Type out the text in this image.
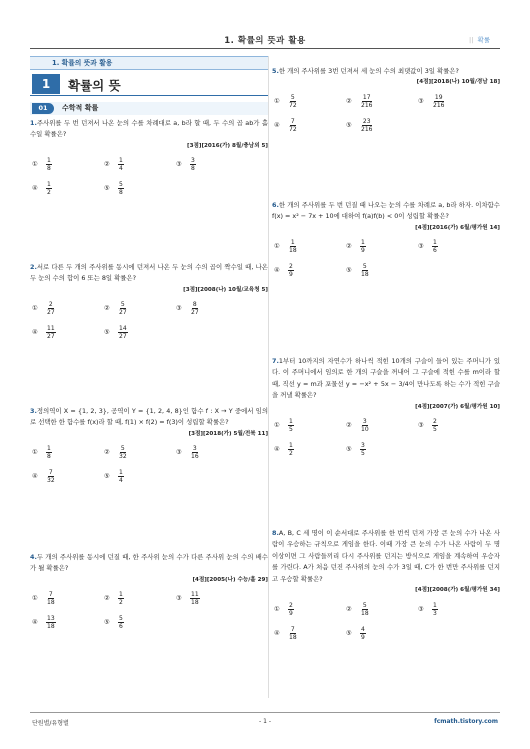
1. 확률의 뜻과 활용	|| 확률
1. 확률의 뜻과 활용
1	확률의 뜻
01	수학적 확률
1.주사위를 두 번 던져서 나온 눈의 수를 차례대로 a, b라 할 때, 두 수의 곱 ab가 홀수일 확률은?
[3점][2016(가) 8월/충남외 5]
①	$\frac{1}{8}$	②	$\frac{1}{4}$	③	$\frac{3}{8}$
④	$\frac{1}{2}$	⑤	$\frac{5}{8}$
2.서로 다른 두 개의 주사위를 동시에 던져서 나온 두 눈의 수의 곱이 짝수일 때, 나온 두 눈의 수의 합이 6 또는 8일 확률은?
[3점][2008(나) 10월/교육청 5]
①	$\frac{2}{27}$	②	$\frac{5}{27}$	③	$\frac{8}{27}$
④	$\frac{11}{27}$	⑤	$\frac{14}{27}$
3.정의역이 X = {1, 2, 3}, 공역이 Y = {1, 2, 4, 8}인 함수 f : X → Y 중에서 임의로 선택한 한 함수를 f(x)라 할 때, f(1) × f(2) = f(3)이 성립할 확률은?
[3점][2018(가) 5월/전북 11]
①	$\frac{1}{8}$	②	$\frac{5}{32}$	③	$\frac{3}{16}$
④	$\frac{7}{32}$	⑤	$\frac{1}{4}$
4.두 개의 주사위를 동시에 던질 때, 한 주사위 눈의 수가 다른 주사위 눈의 수의 배수가 될 확률은?
[4점][2005(나) 수능/홀 29]
①	$\frac{7}{18}$	②	$\frac{1}{2}$	③	$\frac{11}{18}$
④	$\frac{13}{18}$	⑤	$\frac{5}{6}$
5.한 개의 주사위를 3번 던져서 세 눈의 수의 최댓값이 3일 확률은?
[4점][2018(나) 10월/경남 18]
①	$\frac{5}{72}$	②	$\frac{17}{216}$	③	$\frac{19}{216}$
④	$\frac{7}{72}$	⑤	$\frac{23}{216}$
6.한 개의 주사위를 두 번 던질 때 나오는 눈의 수를 차례로 a, b라 하자. 이차함수 f(x) = x² − 7x + 10에 대하여 f(a)f(b) < 0이 성립할 확률은?
[4점][2016(가) 6월/평가원 14]
①	$\frac{1}{18}$	②	$\frac{1}{9}$	③	$\frac{1}{6}$
④	$\frac{2}{9}$	⑤	$\frac{5}{18}$
7.1부터 10까지의 자연수가 하나씩 적힌 10개의 구슬이 들어 있는 주머니가 있다. 이 주머니에서 임의로 한 개의 구슬을 꺼내어 그 구슬에 적힌 수를 m이라 할 때, 직선 y = m과 포물선 y = −x² + 5x − 3/4이 만나도록 하는 수가 적힌 구슬을 꺼낼 확률은?
[4점][2007(가) 6월/평가원 10]
①	$\frac{1}{5}$	②	$\frac{3}{10}$	③	$\frac{2}{5}$
④	$\frac{1}{2}$	⑤	$\frac{3}{5}$
8.A, B, C 세 명이 이 순서대로 주사위를 한 번씩 던져 가장 큰 눈의 수가 나온 사람이 우승하는 규칙으로 게임을 한다. 이때 가장 큰 눈의 수가 나온 사람이 두 명 이상이면 그 사람들끼리 다시 주사위를 던지는 방식으로 게임을 계속하여 우승자를 가린다. A가 처음 던진 주사위의 눈의 수가 3일 때, C가 한 번만 주사위를 던지고 우승할 확률은?
[4점][2008(가) 6월/평가원 34]
①	$\frac{2}{9}$	②	$\frac{5}{18}$	③	$\frac{1}{3}$
④	$\frac{7}{18}$	⑤	$\frac{4}{9}$
단원별/유형별	- 1 -	fcmath.tistory.com
